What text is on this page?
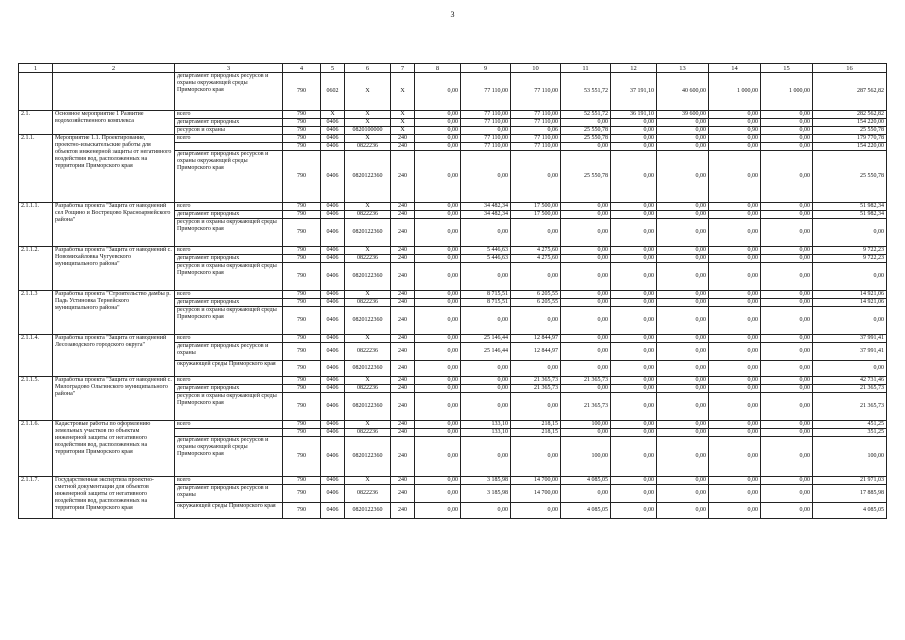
3
1	2	3	4	5	6	7	8	9	10	11	12	13	14	15	16
		департамент природных ресурсов и охраны окружающей среды Приморского края	790	0602	X	X	0,00	77 110,00	77 110,00	53 551,72	37 191,10	40 600,00	1 000,00	1 000,00	287 562,82
2.1.	Основное мероприятие 1 Развитие водохозяйственного комплекса	всего	790	X	X	X	0,00	77 110,00	77 110,00	52 551,72	36 191,10	39 600,00	0,00	0,00	282 562,82
		департамент природных	790	0406	X	X	0,00	77 110,00	77 110,00	0,00	0,00	0,00	0,00	0,00	154 220,00
		ресурсов и охраны	790	0406	0820100000	X	0,00	0,00	0,06	25 550,78	0,00	0,00	0,90	0,00	25 550,78
2.1.1.	Мероприятие 1.1. Проектирование, проектно-изыскательские работы для объектов инженерной защиты от негативного воздействия вод, расположенных на территории Приморского края	всего	790	0406	X	240	0,00	77 110,00	77 110,00	25 550,78	0,00	0,00	0,00	0,00	179 770,78
			790	0406	0822236	240	0,00	77 110,00	77 110,00	0,00	0,00	0,00	0,00	0,00	154 220,00
		департамент природных ресурсов и охраны окружающей среды Приморского края	790	0406	0820122360	240	0,00	0,00	0,00	25 550,78	0,00	0,00	0,00	0,00	25 550,78
2.1.1.1.	Разработка проекта "Защита от наводнений сел Рощино и Вострецово Красноармейского района"	всего	790	0406	X	240	0,00	34 482,34	17 500,00	0,00	0,00	0,00	0,00	0,00	51 982,34
		департамент природных	790	0406	0822236	240	0,00	34 482,34	17 500,00	0,00	0,00	0,00	0,00	0,00	51 982,34
		ресурсов и охраны окружающей среды Приморского края	790	0406	0820122360	240	0,00	0,00	0,00	0,00	0,00	0,00	0,00	0,00	0,00
2.1.1.2.	Разработка проекта "Защита от наводнений с. Новомихайловка Чугуевского муниципального района"	всего	790	0406	X	240	0,00	5 446,63	4 275,60	0,00	0,00	0,00	0,00	0,00	9 722,23
		департамент природных	790	0406	0822236	240	0,00	5 446,63	4 275,60	0,00	0,00	0,00	0,00	0,00	9 722,23
		ресурсов и охраны окружающей среды Приморского края	790	0406	0820122360	240	0,00	0,00	0,00	0,00	0,00	0,00	0,00	0,00	0,00
2.1.1.3	Разработка проекта "Строительство дамбы р. Падь Устиновка Тернейского муниципального района"	всего	790	0406	X	240	0,00	8 715,51	6 205,55	0,00	0,00	0,00	0,00	0,00	14 921,06
		департамент природных	790	0406	0822236	240	0,00	8 715,51	6 205,55	0,00	0,00	0,00	0,00	0,00	14 921,06
		ресурсов и охраны окружающей среды Приморского края	790	0406	0820122360	240	0,00	0,00	0,00	0,00	0,00	0,00	0,00	0,00	0,00
2.1.1.4.	Разработка проекта "Защита от наводнений Лесозаводского городского округа"	всего	790	0406	X	240	0,00	25 146,44	12 844,97	0,00	0,00	0,00	0,00	0,00	37 991,41
		департамент природных ресурсов и охраны	790	0406	0822236	240	0,00	25 146,44	12 844,97	0,00	0,00	0,00	0,00	0,00	37 991,41
		окружающей среды Приморского края	790	0406	0820122360	240	0,00	0,00	0,00	0,00	0,00	0,00	0,00	0,00	0,00
2.1.1.5.	Разработка проекта "Защита от наводнений с. Милоградово Ольгинского муниципального района"	всего	790	0406	X	240	0,00	0,00	21 365,73	21 365,73	0,00	0,00	0,00	0,00	42 731,46
		департамент природных	790	0406	0822236	240	0,00	0,00	21 365,73	0,00	0,00	0,00	0,00	0,00	21 365,73
		ресурсов и охраны окружающей среды Приморского края	790	0406	0820122360	240	0,00	0,00	0,00	21 365,73	0,00	0,00	0,00	0,00	21 365,73
2.1.1.6.	Кадастровые работы по оформлению земельных участков по объектам инженерной защиты от негативного воздействия вод, расположенных на территории Приморского края	всего	790	0406	X	240	0,00	133,10	218,15	100,00	0,00	0,00	0,00	0,00	451,25
			790	0406	0822236	240	0,00	133,10	218,15	0,00	0,00	0,00	0,00	0,00	351,25
		департамент природных ресурсов и охраны окружающей среды Приморского края	790	0406	0820122360	240	0,00	0,00	0,00	100,00	0,00	0,00	0,00	0,00	100,00
2.1.1.7.	Государственная экспертиза проектно-сметной документации для объектов инженерной защиты от негативного воздействия вод, расположенных на территории Приморского края	всего	790	0406	X	240	0,00	3 185,98	14 700,00	4 085,05	0,00	0,00	0,00	0,00	21 971,03
		департамент природных ресурсов и охраны	790	0406	0822236	240	0,00	3 185,98	14 700,00	0,00	0,00	0,00	0,00	0,00	17 885,98
		окружающей среды Приморского края	790	0406	0820122360	240	0,00	0,00	0,00	4 085,05	0,00	0,00	0,00	0,00	4 085,05
